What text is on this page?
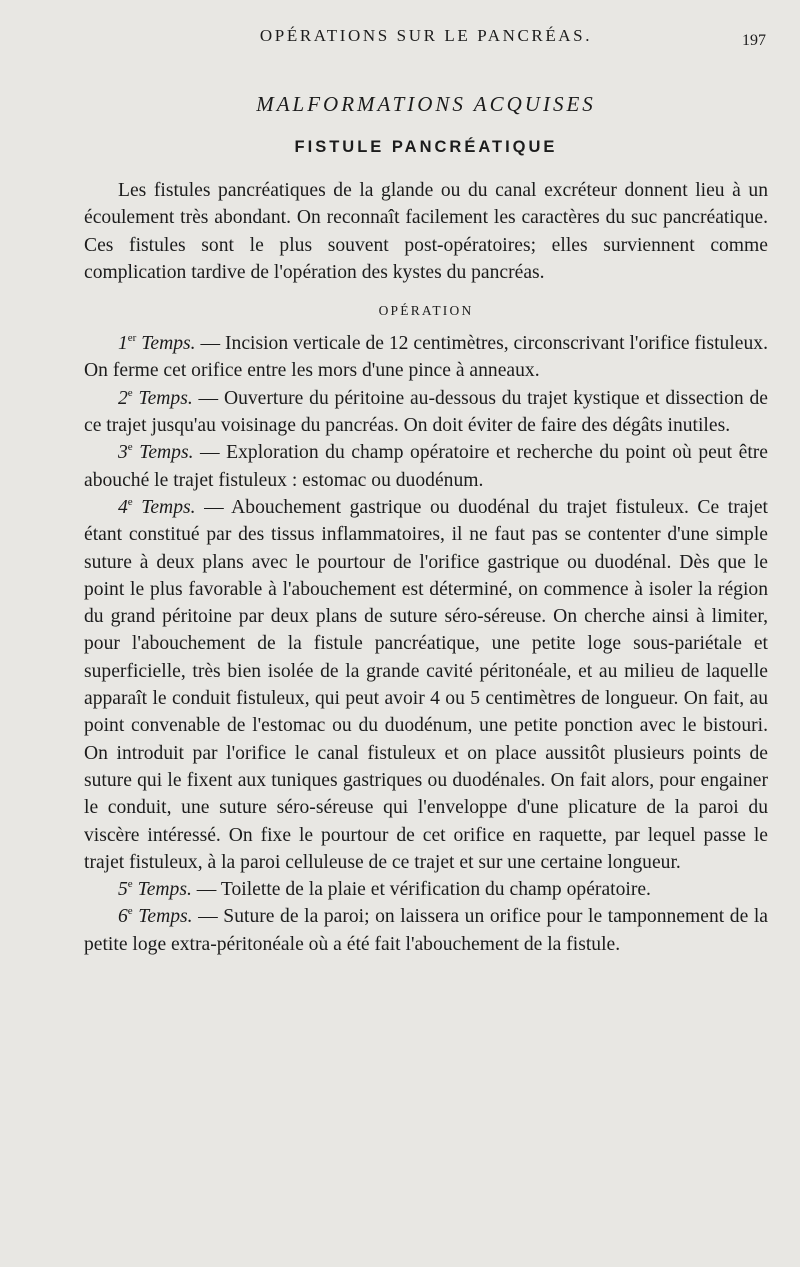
OPÉRATIONS SUR LE PANCRÉAS.	197
MALFORMATIONS ACQUISES
FISTULE PANCRÉATIQUE

Les fistules pancréatiques de la glande ou du canal excréteur donnent lieu à un écoulement très abondant. On reconnaît facilement les caractères du suc pancréatique. Ces fistules sont le plus souvent post-opératoires; elles surviennent comme complication tardive de l'opération des kystes du pancréas.

OPÉRATION

1er Temps. — Incision verticale de 12 centimètres, circonscrivant l'orifice fistuleux. On ferme cet orifice entre les mors d'une pince à anneaux.

2e Temps. — Ouverture du péritoine au-dessous du trajet kystique et dissection de ce trajet jusqu'au voisinage du pancréas. On doit éviter de faire des dégâts inutiles.

3e Temps. — Exploration du champ opératoire et recherche du point où peut être abouché le trajet fistuleux : estomac ou duodénum.

4e Temps. — Abouchement gastrique ou duodénal du trajet fistuleux. Ce trajet étant constitué par des tissus inflammatoires, il ne faut pas se contenter d'une simple suture à deux plans avec le pourtour de l'orifice gastrique ou duodénal. Dès que le point le plus favorable à l'abouchement est déterminé, on commence à isoler la région du grand péritoine par deux plans de suture séro-séreuse. On cherche ainsi à limiter, pour l'abouchement de la fistule pancréatique, une petite loge sous-pariétale et superficielle, très bien isolée de la grande cavité péritonéale, et au milieu de laquelle apparaît le conduit fistuleux, qui peut avoir 4 ou 5 centimètres de longueur. On fait, au point convenable de l'estomac ou du duodénum, une petite ponction avec le bistouri. On introduit par l'orifice le canal fistuleux et on place aussitôt plusieurs points de suture qui le fixent aux tuniques gastriques ou duodénales. On fait alors, pour engainer le conduit, une suture séro-séreuse qui l'enveloppe d'une plicature de la paroi du viscère intéressé. On fixe le pourtour de cet orifice en raquette, par lequel passe le trajet fistuleux, à la paroi celluleuse de ce trajet et sur une certaine longueur.

5e Temps. — Toilette de la plaie et vérification du champ opératoire.

6e Temps. — Suture de la paroi; on laissera un orifice pour le tamponnement de la petite loge extra-péritonéale où a été fait l'abouchement de la fistule.
